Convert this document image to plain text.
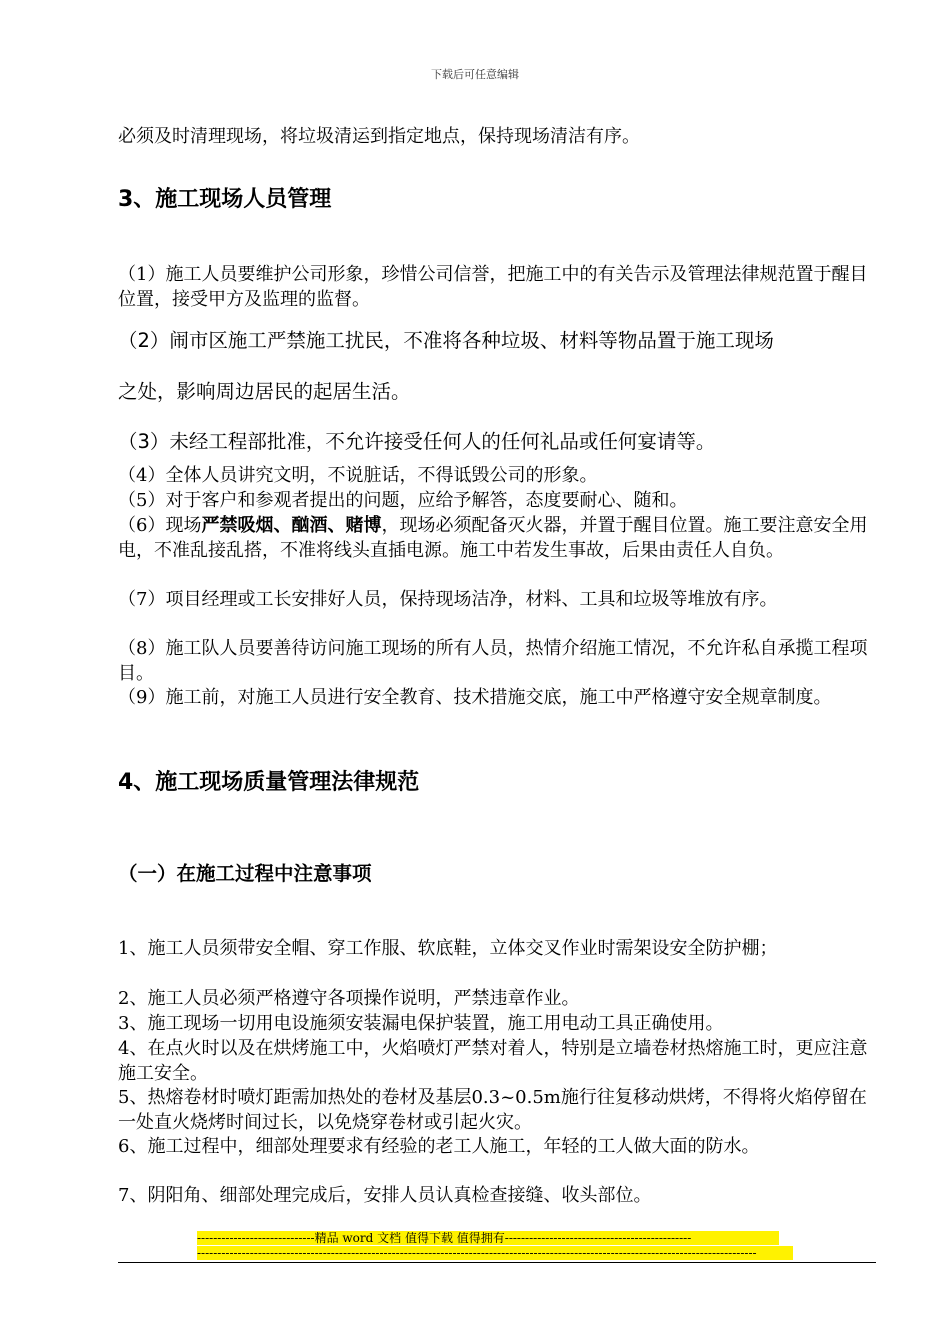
下载后可任意编辑
必须及时清理现场，将垃圾清运到指定地点，保持现场清洁有序。
3、施工现场人员管理
（1）施工人员要维护公司形象，珍惜公司信誉，把施工中的有关告示及管理法律规范置于醒目位置，接受甲方及监理的监督。
（2）闹市区施工严禁施工扰民，不准将各种垃圾、材料等物品置于施工现场
之处，影响周边居民的起居生活。
（3）未经工程部批准，不允许接受任何人的任何礼品或任何宴请等。
（4）全体人员讲究文明，不说脏话，不得诋毁公司的形象。
（5）对于客户和参观者提出的问题，应给予解答，态度要耐心、随和。
（6）现场严禁吸烟、酗酒、赌博，现场必须配备灭火器，并置于醒目位置。施工要注意安全用电，不准乱接乱搭，不准将线头直插电源。施工中若发生事故，后果由责任人自负。
（7）项目经理或工长安排好人员，保持现场洁净，材料、工具和垃圾等堆放有序。
（8）施工队人员要善待访问施工现场的所有人员，热情介绍施工情况，不允许私自承揽工程项目。
（9）施工前，对施工人员进行安全教育、技术措施交底，施工中严格遵守安全规章制度。
4、施工现场质量管理法律规范
（一）在施工过程中注意事项
1、施工人员须带安全帽、穿工作服、软底鞋，立体交叉作业时需架设安全防护棚；
2、施工人员必须严格遵守各项操作说明，严禁违章作业。
3、施工现场一切用电设施须安装漏电保护装置，施工用电动工具正确使用。
4、在点火时以及在烘烤施工中，火焰喷灯严禁对着人，特别是立墙卷材热熔施工时，更应注意施工安全。
5、热熔卷材时喷灯距需加热处的卷材及基层0.3~0.5m施行往复移动烘烤，不得将火焰停留在一处直火烧烤时间过长，以免烧穿卷材或引起火灾。
6、施工过程中，细部处理要求有经验的老工人施工，年轻的工人做大面的防水。
7、阴阳角、细部处理完成后，安排人员认真检查接缝、收头部位。
-----------------------------精品 word 文档 值得下载 值得拥有----------------------------------------------
------------------------------------------------------------------------------------------------------------------------------------------
